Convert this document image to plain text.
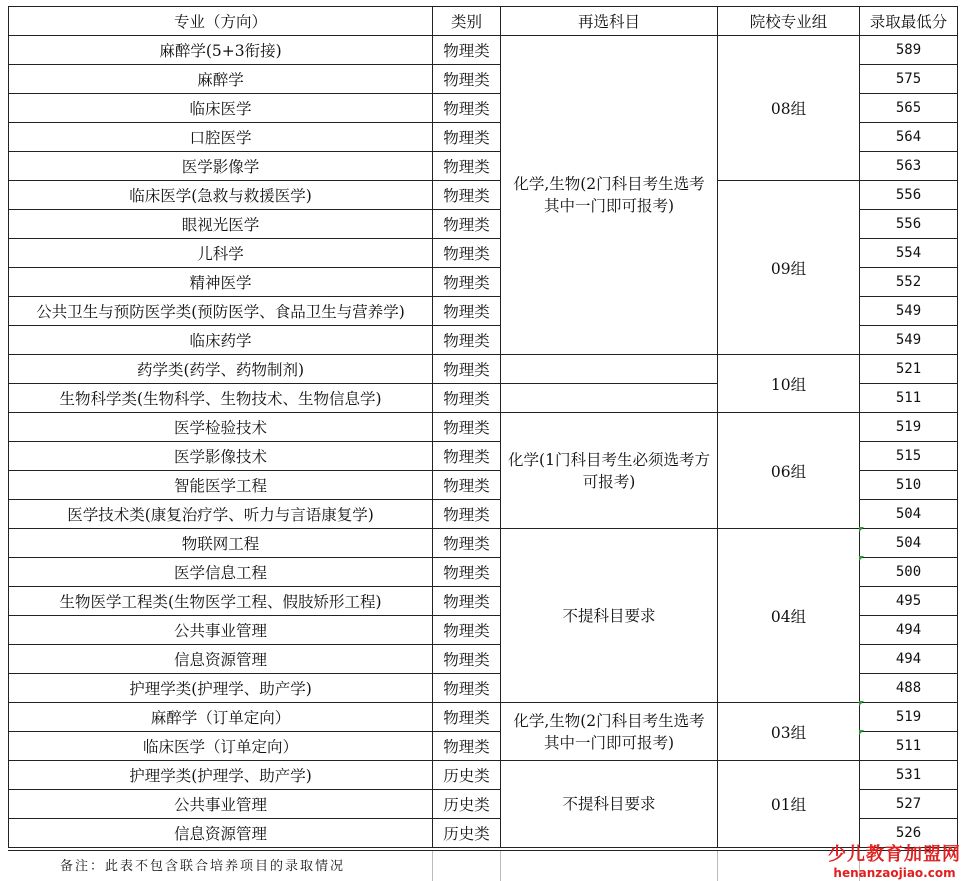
专业（方向）	类别	再选科目	院校专业组	录取最低分
麻醉学(5+3衔接)	物理类	化学,生物(2门科目考生选考其中一门即可报考)	08组	589
麻醉学	物理类			575
临床医学	物理类			565
口腔医学	物理类			564
医学影像学	物理类			563
临床医学(急救与救援医学)	物理类		09组	556
眼视光医学	物理类			556
儿科学	物理类			554
精神医学	物理类			552
公共卫生与预防医学类(预防医学、食品卫生与营养学)	物理类			549
临床药学	物理类			549
药学类(药学、药物制剂)	物理类		10组	521
生物科学类(生物科学、生物技术、生物信息学)	物理类			511
医学检验技术	物理类	化学(1门科目考生必须选考方可报考)	06组	519
医学影像技术	物理类			515
智能医学工程	物理类			510
医学技术类(康复治疗学、听力与言语康复学)	物理类			504
物联网工程	物理类	不提科目要求	04组	504
医学信息工程	物理类			500
生物医学工程类(生物医学工程、假肢矫形工程)	物理类			495
公共事业管理	物理类			494
信息资源管理	物理类			494
护理学类(护理学、助产学)	物理类			488
麻醉学（订单定向）	物理类	化学,生物(2门科目考生选考其中一门即可报考)	03组	519
临床医学（订单定向）	物理类			511
护理学类(护理学、助产学)	历史类	不提科目要求	01组	531
公共事业管理	历史类			527
信息资源管理	历史类			526
备注：此表不包含联合培养项目的录取情况
少儿教育加盟网
henanzaojiao.com
